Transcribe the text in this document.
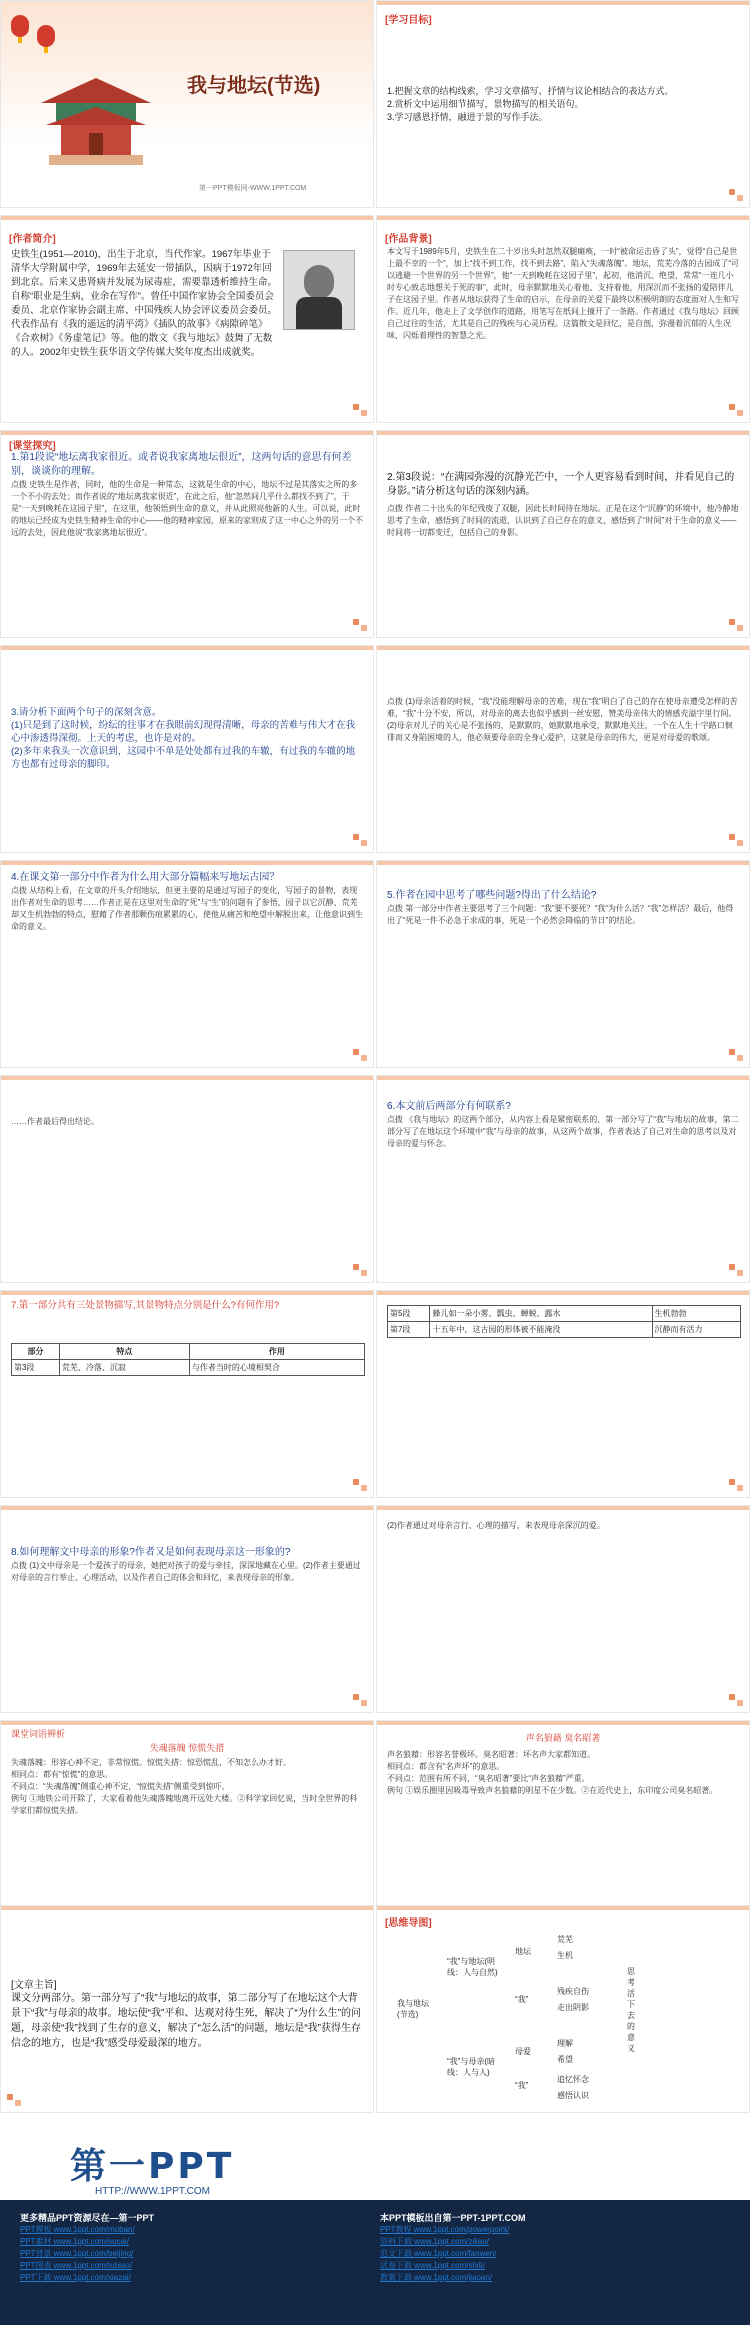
我与地坛(节选)
第一PPT模板网-WWW.1PPT.COM
[学习目标]

1.把握文章的结构线索，学习文章描写、抒情与议论相结合的表达方式。

2.赏析文中运用细节描写，景物描写的相关语句。

3.学习感恩抒情，融进于景的写作手法。

[作者简介]
史铁生(1951—2010)，出生于北京，当代作家。1967年毕业于清华大学附属中学，1969年去延安一带插队，因病于1972年回到北京。后来又患肾病并发展为尿毒症，需要靠透析维持生命。自称“职业是生病，业余在写作”。曾任中国作家协会全国委员会委员、北京作家协会副主席、中国残疾人协会评议委员会委员。代表作品有《我的遥远的清平湾》《插队的故事》《病隙碎笔》《合欢树》《务虚笔记》等。他的散文《我与地坛》鼓舞了无数的人。2002年史铁生获华语文学传媒大奖年度杰出成就奖。
[作品背景]
本文写于1989年5月，史铁生在二十岁出头时忽然双腿瘫痪，一时“被命运击昏了头”，觉得“自己是世上最不幸的一个”，加上“找不到工作，找不到去路”，陷入“失魂落魄”。地坛，荒芜冷落的古园成了“可以逃避一个世界的另一个世界”，他“一天到晚耗在这园子里”，起初，他消沉、绝望，常常“一连几小时专心致志地想关于死的事”，此时，母亲默默地关心着他、支持着他，用深沉而不张扬的爱陪伴儿子在这园子里。作者从地坛获得了生命的启示，在母亲的关爱下最终以积极明朗的态度面对人生和写作。近几年，他走上了文学创作的道路，用笔写在纸间上撞开了一条路。作者通过《我与地坛》回顾自己过往的生活，尤其是自己的残疾与心灵历程。这篇散文是回忆，是自剖，弥漫着沉郁的人生况味，闪烁着理性的智慧之光。
[课堂探究]

1.第1段说“地坛离我家很近。或者说我家离地坛很近”，这两句话的意思有何差别，谈谈你的理解。

点拨 史铁生是作者，同时，他的生命是一种常态，这就是生命的中心，地坛不过是其落实之所的多一个不小的去处；而作者说的“地坛离我家很近”，在此之后，他“忽然间几乎什么都找不到了”，于是“一天到晚耗在这园子里”，在这里，他领悟到生命的意义，并从此照亮他新的人生。可以说，此时的地坛已经成为史铁生精神生命的中心——他的精神家园，原来的家则成了这一中心之外的另一个不远的去处，因此他说“我家离地坛很近”。

2.第3段说：“在满园弥漫的沉静光芒中，一个人更容易看到时间，并看见自己的身影。”请分析这句话的深刻内涵。

点拨 作者二十出头的年纪残废了双腿，因此长时间待在地坛。正是在这个“沉静”的环境中，他冷静地思考了生命，感悟到了时间的流逝，认识到了自己存在的意义，感悟到了“时间”对于生命的意义——时间将一切都变迁，包括自己的身影。

3.请分析下面两个句子的深刻含意。
(1)只是到了这时候，纷纭的往事才在我眼前幻现得清晰，母亲的苦难与伟大才在我心中渗透得深彻。上天的考虑，也许是对的。
(2)多年来我头一次意识到，这园中不单是处处都有过我的车辙，有过我的车辙的地方也都有过母亲的脚印。
点拨 (1)母亲活着的时候，“我”没能理解母亲的苦难，现在“我”明白了自己的存在使母亲遭受怎样的苦难，“我”十分不安，所以，对母亲的离去也似乎感到一丝安慰，赞美母亲伟大的情感充溢字里行间。
(2)母亲对儿子的关心是不张扬的，是默默的，她默默地承受，默默地关注，一个在人生十字路口徊徘而又身陷困境的人，他必须要母亲的全身心爱护，这就是母亲的伟大，更是对母爱的歌颂。

4.在课文第一部分中作者为什么用大部分篇幅来写地坛古园？

点拨 从结构上看，在文章的开头介绍地坛，但更主要的是通过写园子的变化，写园子的景物，表现出作者对生命的思考……作者正是在这里对生命的“死”与“生”的问题有了参悟，园子以它沉静、荒芜却又生机勃勃的特点，慰藉了作者那颗伤痕累累的心，使他从痛苦和绝望中解脱出来，让他意识到生命的意义。

5.作者在园中思考了哪些问题?得出了什么结论?

点拨 第一部分中作者主要思考了三个问题：“我”要不要死？“我”为什么活？“我”怎样活？最后，他得出了“死是一件不必急于求成的事，死是一个必然会降临的节日”的结论。

……作者最后得出结论。

6.本文前后两部分有何联系?

点拨 《我与地坛》的这两个部分，从内容上看是紧密联系的，第一部分写了“我”与地坛的故事，第二部分写了在地坛这个环境中“我”与母亲的故事，从这两个故事，作者表达了自己对生命的思考以及对母亲的爱与怀念。

7.第一部分共有三处景物描写,其景物特点分别是什么?有何作用?
部分	特点	作用
第3段	荒芜、冷落、沉寂	与作者当时的心境相契合
第5段	蜂儿如一朵小雾、瓢虫、蝉蜕、露水	生机勃勃
第7段	十五年中，这古园的形体被不能淹没	沉静而有活力

8.如何理解文中母亲的形象?作者又是如何表现母亲这一形象的?

点拨 (1)文中母亲是一个爱孩子的母亲，她把对孩子的爱与牵挂，深深地藏在心里。(2)作者主要通过对母亲的言行举止、心理活动，以及作者自己的体会和回忆，来表现母亲的形象。

(2)作者通过对母亲言行、心理的描写，来表现母亲深沉的爱。
课堂词语辨析
失魂落魄 惊慌失措

失魂落魄：形容心神不定，非常惊慌。惊慌失措：惊恐慌乱，不知怎么办才好。

相同点：都有“惊慌”的意思。

不同点：“失魂落魄”侧重心神不定，“惊慌失措”侧重受到惊吓。

例句 ①地铁公司开除了，大家看着他失魂落魄地离开远处大楼。②科学家回忆说，当时全世界的科学家们都惊慌失措。

声名狼藉 臭名昭著

声名狼藉：形容名誉极坏。臭名昭著：坏名声大家都知道。

相同点：都含有“名声坏”的意思。

不同点：范围有所不同，“臭名昭著”要比“声名狼藉”严重。

例句 ①娱乐圈里因吸毒导致声名狼藉的明星不在少数。②在近代史上，东印度公司臭名昭著。

[文章主旨]

课文分两部分。第一部分写了“我”与地坛的故事，第二部分写了在地坛这个大背景下“我”与母亲的故事。地坛使“我”平和、达观对待生死，解决了“为什么生”的问题，母亲使“我”找到了生存的意义，解决了“怎么活”的问题，地坛是“我”获得生存信念的地方，也是“我”感受母爱最深的地方。

[思维导图]
我与地坛(节选)
“我”与地坛(明线：人与自然)
“我”与母亲(暗线：人与人)
地坛
“我”
母爱
“我”
荒芜
生机
残疾自伤
走出阴影
理解
希望
追忆怀念
感悟认识
思考活下去的意义
第一PPT
HTTP://WWW.1PPT.COM
更多精品PPT资源尽在—第一PPT
PPT模板 www.1ppt.com/moban/
PPT素材 www.1ppt.com/sucai/
PPT背景 www.1ppt.com/beijing/
PPT图表 www.1ppt.com/tubiao/
PPT下载 www.1ppt.com/xiazai/
本PPT模板出自第一PPT-1PPT.COM
PPT教程 www.1ppt.com/powerpoint/
资料下载 www.1ppt.com/ziliao/
范文下载 www.1ppt.com/fanwen/
试卷下载 www.1ppt.com/shiti/
教案下载 www.1ppt.com/jiaoan/
